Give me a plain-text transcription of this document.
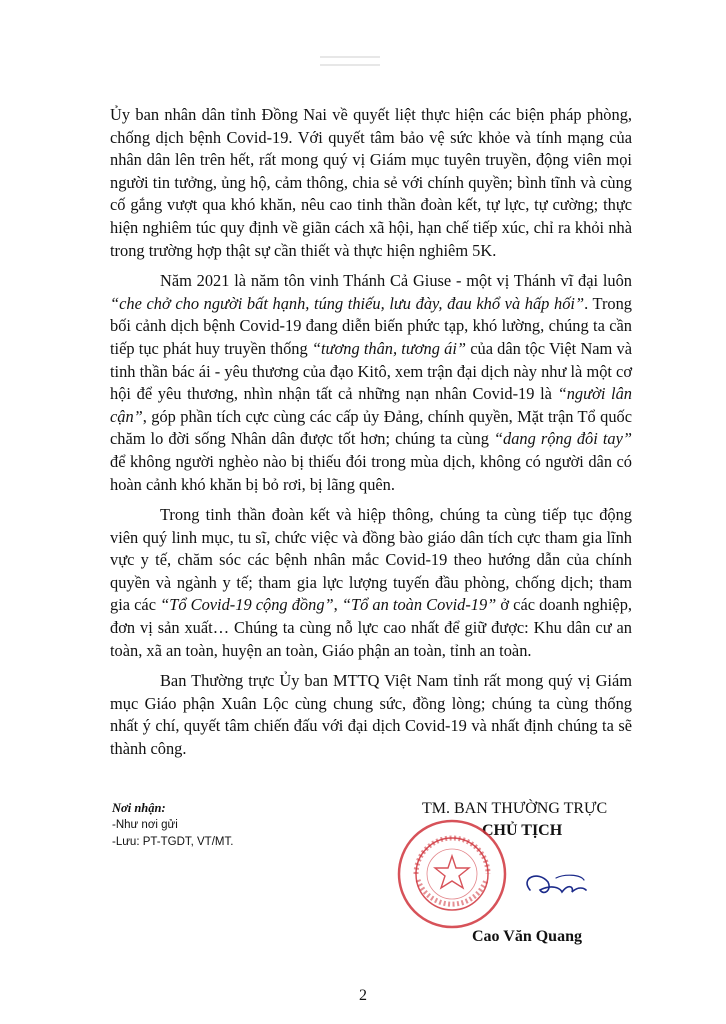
Ủy ban nhân dân tỉnh Đồng Nai về quyết liệt thực hiện các biện pháp phòng, chống dịch bệnh Covid-19. Với quyết tâm bảo vệ sức khỏe và tính mạng của nhân dân lên trên hết, rất mong quý vị Giám mục tuyên truyền, động viên mọi người tin tưởng, ủng hộ, cảm thông, chia sẻ với chính quyền; bình tĩnh và cùng cố gắng vượt qua khó khăn, nêu cao tinh thần đoàn kết, tự lực, tự cường; thực hiện nghiêm túc quy định về giãn cách xã hội, hạn chế tiếp xúc, chỉ ra khỏi nhà trong trường hợp thật sự cần thiết và thực hiện nghiêm 5K.

Năm 2021 là năm tôn vinh Thánh Cả Giuse - một vị Thánh vĩ đại luôn “che chở cho người bất hạnh, túng thiếu, lưu đày, đau khổ và hấp hối”. Trong bối cảnh dịch bệnh Covid-19 đang diễn biến phức tạp, khó lường, chúng ta cần tiếp tục phát huy truyền thống “tương thân, tương ái” của dân tộc Việt Nam và tinh thần bác ái - yêu thương của đạo Kitô, xem trận đại dịch này như là một cơ hội để yêu thương, nhìn nhận tất cả những nạn nhân Covid-19 là “người lân cận”, góp phần tích cực cùng các cấp ủy Đảng, chính quyền, Mặt trận Tổ quốc chăm lo đời sống Nhân dân được tốt hơn; chúng ta cùng “dang rộng đôi tay” để không người nghèo nào bị thiếu đói trong mùa dịch, không có người dân có hoàn cảnh khó khăn bị bỏ rơi, bị lãng quên.

Trong tinh thần đoàn kết và hiệp thông, chúng ta cùng tiếp tục động viên quý linh mục, tu sĩ, chức việc và đồng bào giáo dân tích cực tham gia lĩnh vực y tế, chăm sóc các bệnh nhân mắc Covid-19 theo hướng dẫn của chính quyền và ngành y tế; tham gia lực lượng tuyến đầu phòng, chống dịch; tham gia các “Tổ Covid-19 cộng đồng”, “Tổ an toàn Covid-19” ở các doanh nghiệp, đơn vị sản xuất… Chúng ta cùng nỗ lực cao nhất để giữ được: Khu dân cư an toàn, xã an toàn, huyện an toàn, Giáo phận an toàn, tỉnh an toàn.

Ban Thường trực Ủy ban MTTQ Việt Nam tỉnh rất mong quý vị Giám mục Giáo phận Xuân Lộc cùng chung sức, đồng lòng; chúng ta cùng thống nhất ý chí, quyết tâm chiến đấu với đại dịch Covid-19 và nhất định chúng ta sẽ thành công.

Nơi nhận:
-Như nơi gửi
-Lưu: PT-TGDT, VT/MT.
TM. BAN THƯỜNG TRỰC
CHỦ TỊCH
Cao Văn Quang
2
